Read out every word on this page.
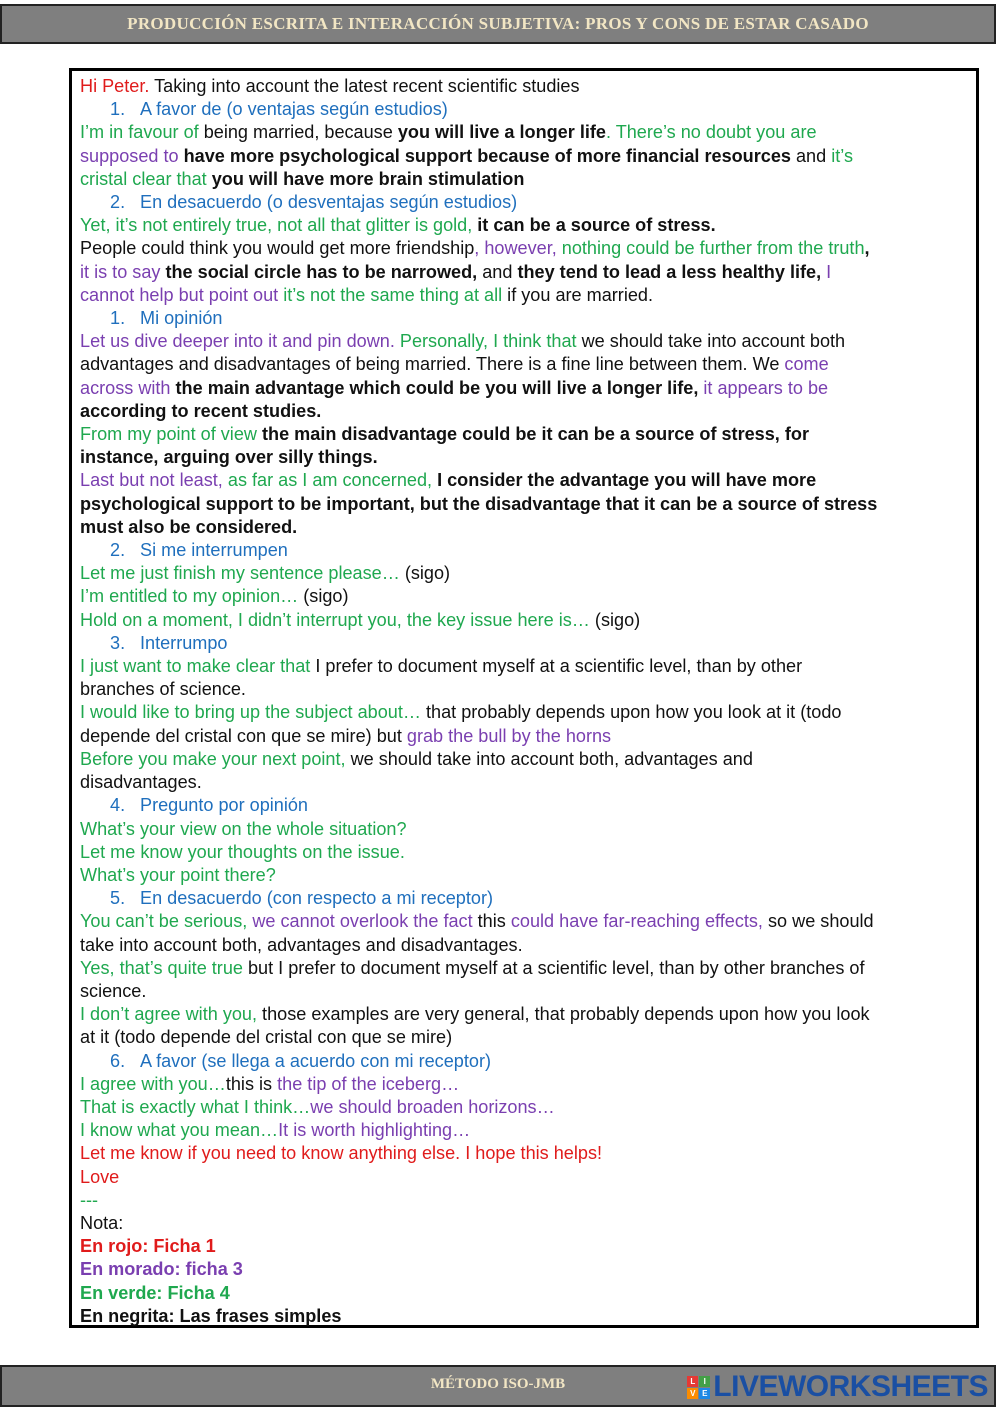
PRODUCCIÓN ESCRITA E INTERACCIÓN SUBJETIVA: PROS Y CONS DE ESTAR CASADO
Hi Peter. Taking into account the latest recent scientific studies
1. A favor de (o ventajas según estudios)
I’m in favour of being married, because you will live a longer life. There’s no doubt you are
supposed to have more psychological support because of more financial resources and it’s
cristal clear that you will have more brain stimulation
2. En desacuerdo (o desventajas según estudios)
Yet, it’s not entirely true, not all that glitter is gold, it can be a source of stress.
People could think you would get more friendship, however, nothing could be further from the truth,
it is to say the social circle has to be narrowed, and they tend to lead a less healthy life, I
cannot help but point out it’s not the same thing at all if you are married.
1. Mi opinión
Let us dive deeper into it and pin down. Personally, I think that we should take into account both
advantages and disadvantages of being married. There is a fine line between them. We come
across with the main advantage which could be you will live a longer life, it appears to be
according to recent studies.
From my point of view the main disadvantage could be it can be a source of stress, for
instance, arguing over silly things.
Last but not least, as far as I am concerned, I consider the advantage you will have more
psychological support to be important, but the disadvantage that it can be a source of stress
must also be considered.
2. Si me interrumpen
Let me just finish my sentence please… (sigo)
I’m entitled to my opinion… (sigo)
Hold on a moment, I didn’t interrupt you, the key issue here is… (sigo)
3. Interrumpo
I just want to make clear that I prefer to document myself at a scientific level, than by other
branches of science.
I would like to bring up the subject about… that probably depends upon how you look at it (todo
depende del cristal con que se mire) but grab the bull by the horns
Before you make your next point, we should take into account both, advantages and
disadvantages.
4. Pregunto por opinión
What’s your view on the whole situation?
Let me know your thoughts on the issue.
What’s your point there?
5. En desacuerdo (con respecto a mi receptor)
You can’t be serious, we cannot overlook the fact this could have far-reaching effects, so we should
take into account both, advantages and disadvantages.
Yes, that’s quite true but I prefer to document myself at a scientific level, than by other branches of
science.
I don’t agree with you, those examples are very general, that probably depends upon how you look
at it (todo depende del cristal con que se mire)
6. A favor (se llega a acuerdo con mi receptor)
I agree with you…this is the tip of the iceberg…
That is exactly what I think…we should broaden horizons…
I know what you mean…It is worth highlighting…
Let me know if you need to know anything else. I hope this helps!
Love
---
Nota:
En rojo: Ficha 1
En morado: ficha 3
En verde: Ficha 4
En negrita: Las frases simples
MÉTODO ISO-JMB	L	I
V E LIVEWORKSHEETS
